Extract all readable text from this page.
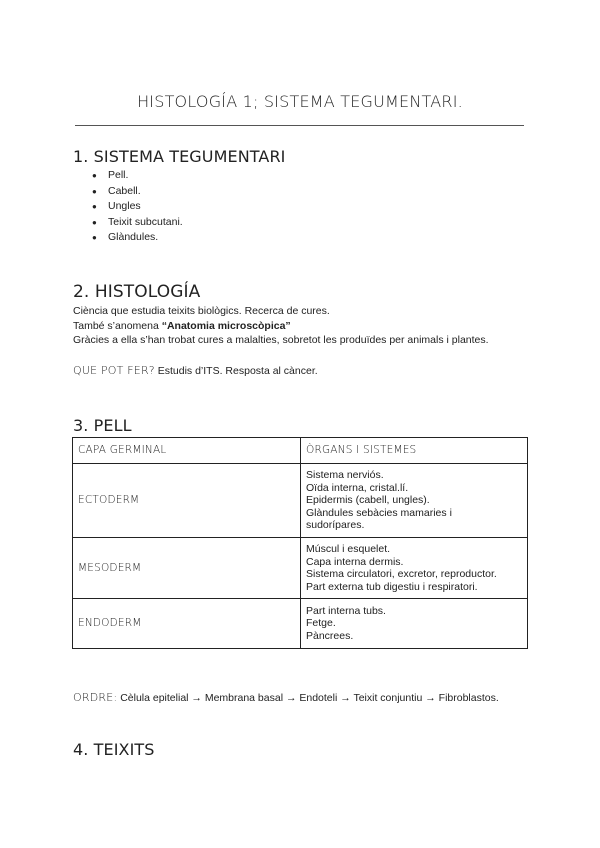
HISTOLOGÍA 1; SISTEMA TEGUMENTARI.
1. SISTEMA TEGUMENTARI
● Pell.
● Cabell.
● Ungles
● Teixit subcutani.
● Glàndules.
2. HISTOLOGÍA
Ciència que estudia teixits biològics. Recerca de cures.
També s’anomena “Anatomia microscòpica”
Gràcies a ella s’han trobat cures a malalties, sobretot les produïdes per animals i plantes.
QUE POT FER? Estudis d’ITS. Resposta al càncer.
3. PELL
CAPA GERMINAL	ÒRGANS I SISTEMES
ECTODERM	Sistema nerviós.
Oïda interna, cristal.lí.
Epidermis (cabell, ungles).
Glàndules sebàcies mamaries i
sudorípares.

MESODERM	Múscul i esquelet.
Capa interna dermis.
Sistema circulatori, excretor, reproductor.
Part externa tub digestiu i respiratori.

ENDODERM	Part interna tubs.
Fetge.
Pàncrees.
ORDRE: Cèlula epitelial → Membrana basal → Endoteli → Teixit conjuntiu → Fibroblastos.
4. TEIXITS
